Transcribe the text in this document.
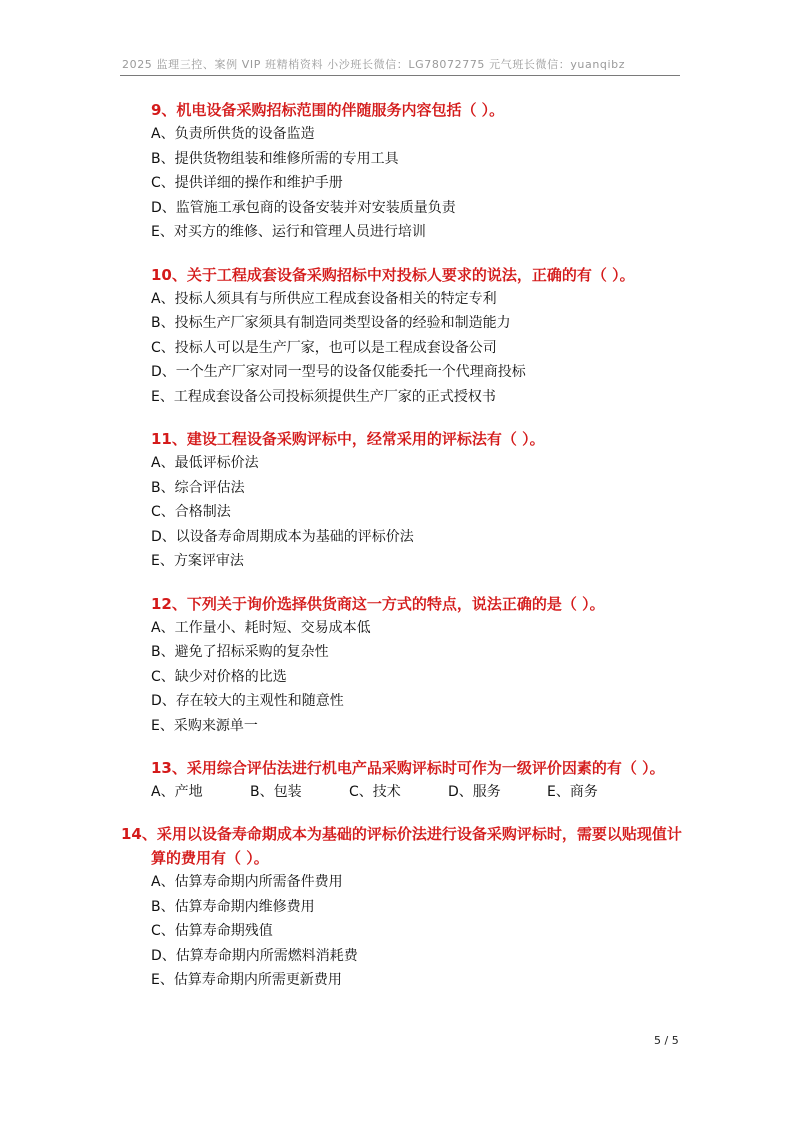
2025 监理三控、案例 VIP 班精梢资料 小沙班长微信：LG78072775 元气班长微信：yuanqibz
9、机电设备采购招标范围的伴随服务内容包括（ ）。
A、负责所供货的设备监造
B、提供货物组装和维修所需的专用工具
C、提供详细的操作和维护手册
D、监管施工承包商的设备安装并对安装质量负责
E、对买方的维修、运行和管理人员进行培训
10、关于工程成套设备采购招标中对投标人要求的说法，正确的有（ ）。
A、投标人须具有与所供应工程成套设备相关的特定专利
B、投标生产厂家须具有制造同类型设备的经验和制造能力
C、投标人可以是生产厂家，也可以是工程成套设备公司
D、一个生产厂家对同一型号的设备仅能委托一个代理商投标
E、工程成套设备公司投标须提供生产厂家的正式授权书
11、建设工程设备采购评标中，经常采用的评标法有（ ）。
A、最低评标价法
B、综合评估法
C、合格制法
D、以设备寿命周期成本为基础的评标价法
E、方案评审法
12、下列关于询价选择供货商这一方式的特点，说法正确的是（ ）。
A、工作量小、耗时短、交易成本低
B、避免了招标采购的复杂性
C、缺少对价格的比选
D、存在较大的主观性和随意性
E、采购来源单一
13、采用综合评估法进行机电产品采购评标时可作为一级评价因素的有（ ）。
A、产地	B、包装	C、技术	D、服务	E、商务
14、采用以设备寿命期成本为基础的评标价法进行设备采购评标时，需要以贴现值计算的费用有（ ）。
A、估算寿命期内所需备件费用
B、估算寿命期内维修费用
C、估算寿命期残值
D、估算寿命期内所需燃料消耗费
E、估算寿命期内所需更新费用
5 / 5
